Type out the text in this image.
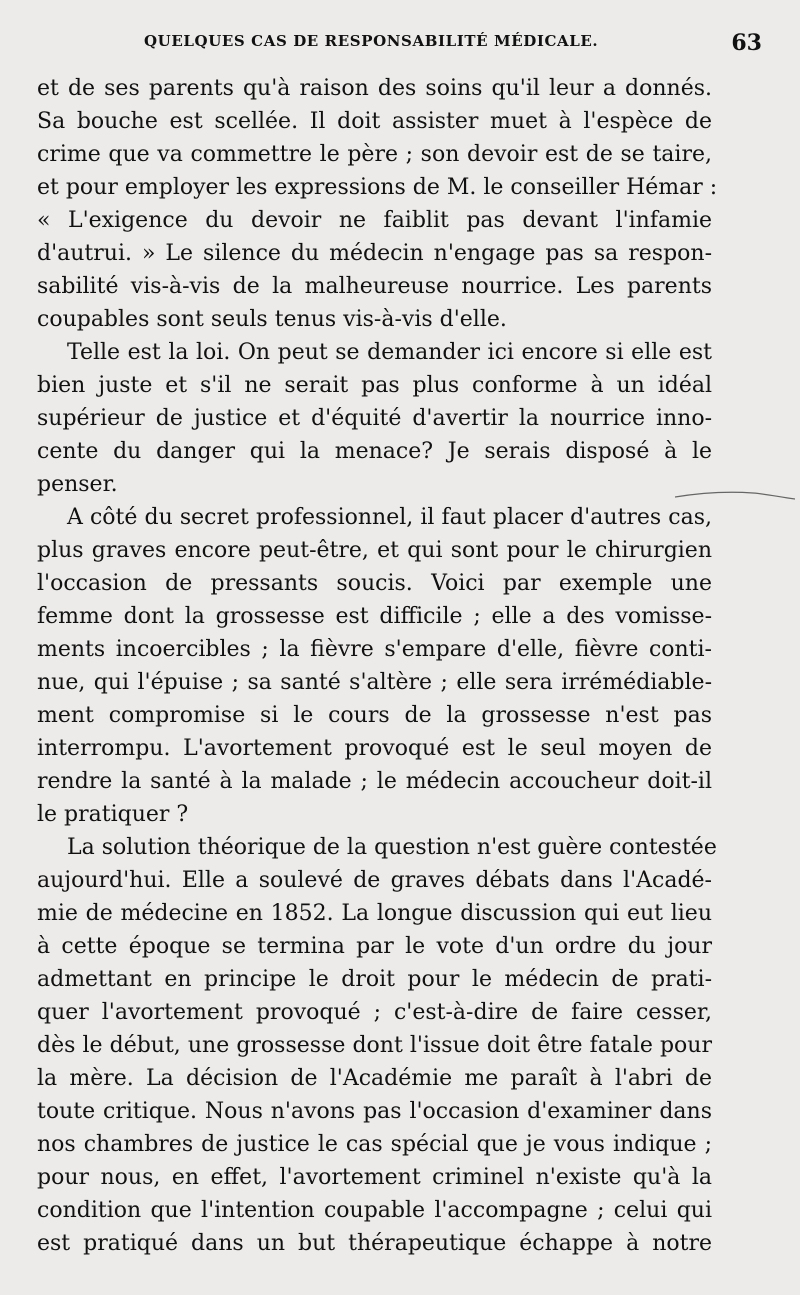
QUELQUES CAS DE RESPONSABILITÉ MÉDICALE.	63
et de ses parents qu'à raison des soins qu'il leur a donnés.
Sa bouche est scellée. Il doit assister muet à l'espèce de
crime que va commettre le père ; son devoir est de se taire,
et pour employer les expressions de M. le conseiller Hémar :
« L'exigence du devoir ne faiblit pas devant l'infamie
d'autrui. » Le silence du médecin n'engage pas sa respon-
sabilité vis-à-vis de la malheureuse nourrice. Les parents
coupables sont seuls tenus vis-à-vis d'elle.
Telle est la loi. On peut se demander ici encore si elle est
bien juste et s'il ne serait pas plus conforme à un idéal
supérieur de justice et d'équité d'avertir la nourrice inno-
cente du danger qui la menace? Je serais disposé à le
penser.
A côté du secret professionnel, il faut placer d'autres cas,
plus graves encore peut-être, et qui sont pour le chirurgien
l'occasion de pressants soucis. Voici par exemple une
femme dont la grossesse est difficile ; elle a des vomisse-
ments incoercibles ; la fièvre s'empare d'elle, fièvre conti-
nue, qui l'épuise ; sa santé s'altère ; elle sera irrémédiable-
ment compromise si le cours de la grossesse n'est pas
interrompu. L'avortement provoqué est le seul moyen de
rendre la santé à la malade ; le médecin accoucheur doit-il
le pratiquer ?
La solution théorique de la question n'est guère contestée
aujourd'hui. Elle a soulevé de graves débats dans l'Acadé-
mie de médecine en 1852. La longue discussion qui eut lieu
à cette époque se termina par le vote d'un ordre du jour
admettant en principe le droit pour le médecin de prati-
quer l'avortement provoqué ; c'est-à-dire de faire cesser,
dès le début, une grossesse dont l'issue doit être fatale pour
la mère. La décision de l'Académie me paraît à l'abri de
toute critique. Nous n'avons pas l'occasion d'examiner dans
nos chambres de justice le cas spécial que je vous indique ;
pour nous, en effet, l'avortement criminel n'existe qu'à la
condition que l'intention coupable l'accompagne ; celui qui
est pratiqué dans un but thérapeutique échappe à notre
